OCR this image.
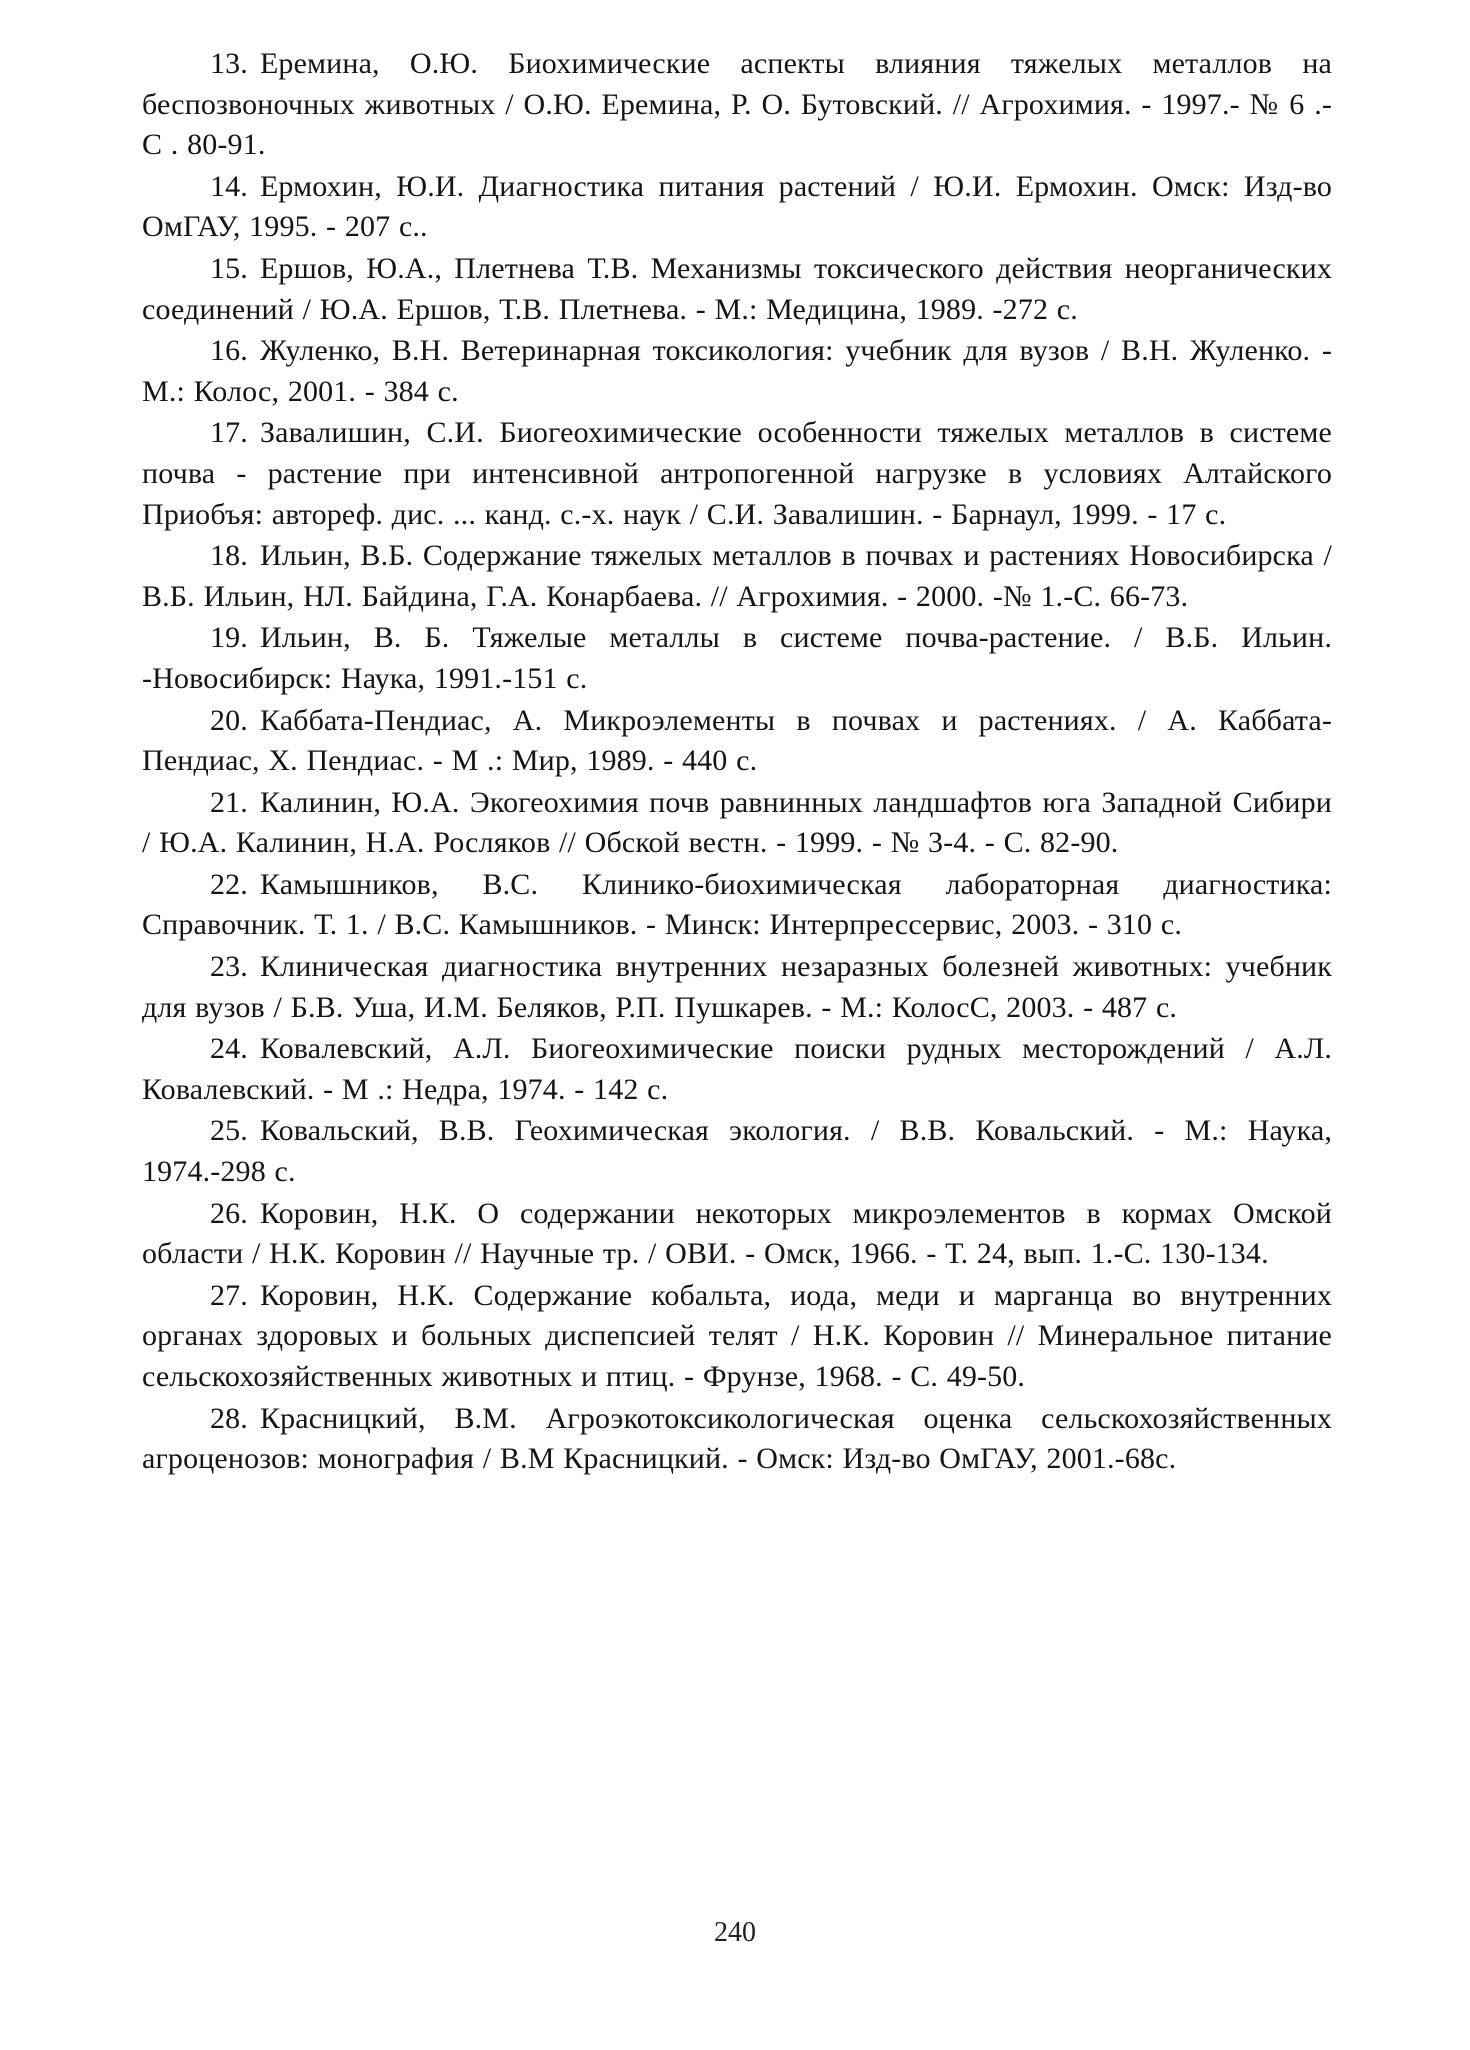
13. Еремина, О.Ю. Биохимические аспекты влияния тяжелых металлов на беспозвоночных животных / О.Ю. Еремина, Р. О. Бутовский. // Агрохимия. - 1997.- № 6 .-С . 80-91.
14. Ермохин, Ю.И. Диагностика питания растений / Ю.И. Ермохин. Омск: Изд-во ОмГАУ, 1995. - 207 с..
15. Ершов, Ю.А., Плетнева Т.В. Механизмы токсического действия неорганических соединений / Ю.А. Ершов, Т.В. Плетнева. - М.: Медицина, 1989. -272 с.
16. Жуленко, В.Н. Ветеринарная токсикология: учебник для вузов / В.Н. Жуленко. - М.: Колос, 2001. - 384 с.
17. Завалишин, С.И. Биогеохимические особенности тяжелых металлов в системе почва - растение при интенсивной антропогенной нагрузке в условиях Алтайского Приобъя: автореф. дис. ... канд. с.-х. наук / С.И. Завалишин. - Барнаул, 1999. - 17 с.
18. Ильин, В.Б. Содержание тяжелых металлов в почвах и растениях Новосибирска / В.Б. Ильин, НЛ. Байдина, Г.А. Конарбаева. // Агрохимия. - 2000. -№ 1.-С. 66-73.
19. Ильин, В. Б. Тяжелые металлы в системе почва-растение. / В.Б. Ильин. -Новосибирск: Наука, 1991.-151 с.
20. Каббата-Пендиас, А. Микроэлементы в почвах и растениях. / А. Каббата-Пендиас, X. Пендиас. - М .: Мир, 1989. - 440 с.
21. Калинин, Ю.А. Экогеохимия почв равнинных ландшафтов юга Западной Сибири / Ю.А. Калинин, Н.А. Росляков // Обской вестн. - 1999. - № 3-4. - С. 82-90.
22. Камышников, B.C. Клинико-биохимическая лабораторная диагностика: Справочник. Т. 1. / B.C. Камышников. - Минск: Интерпрессервис, 2003. - 310 с.
23. Клиническая диагностика внутренних незаразных болезней животных: учебник для вузов / Б.В. Уша, И.М. Беляков, Р.П. Пушкарев. - М.: КолосС, 2003. - 487 с.
24. Ковалевский, А.Л. Биогеохимические поиски рудных месторождений / А.Л. Ковалевский. - М .: Недра, 1974. - 142 с.
25. Ковальский, В.В. Геохимическая экология. / В.В. Ковальский. - М.: Наука, 1974.-298 с.
26. Коровин, Н.К. О содержании некоторых микроэлементов в кормах Омской области / Н.К. Коровин // Научные тр. / ОВИ. - Омск, 1966. - Т. 24, вып. 1.-С. 130-134.
27. Коровин, Н.К. Содержание кобальта, иода, меди и марганца во внутренних органах здоровых и больных диспепсией телят / Н.К. Коровин // Минеральное питание сельскохозяйственных животных и птиц. - Фрунзе, 1968. - С. 49-50.
28. Красницкий, В.М. Агроэкотоксикологическая оценка сельскохозяйственных агроценозов: монография / В.М Красницкий. - Омск: Изд-во ОмГАУ, 2001.-68с.
240
